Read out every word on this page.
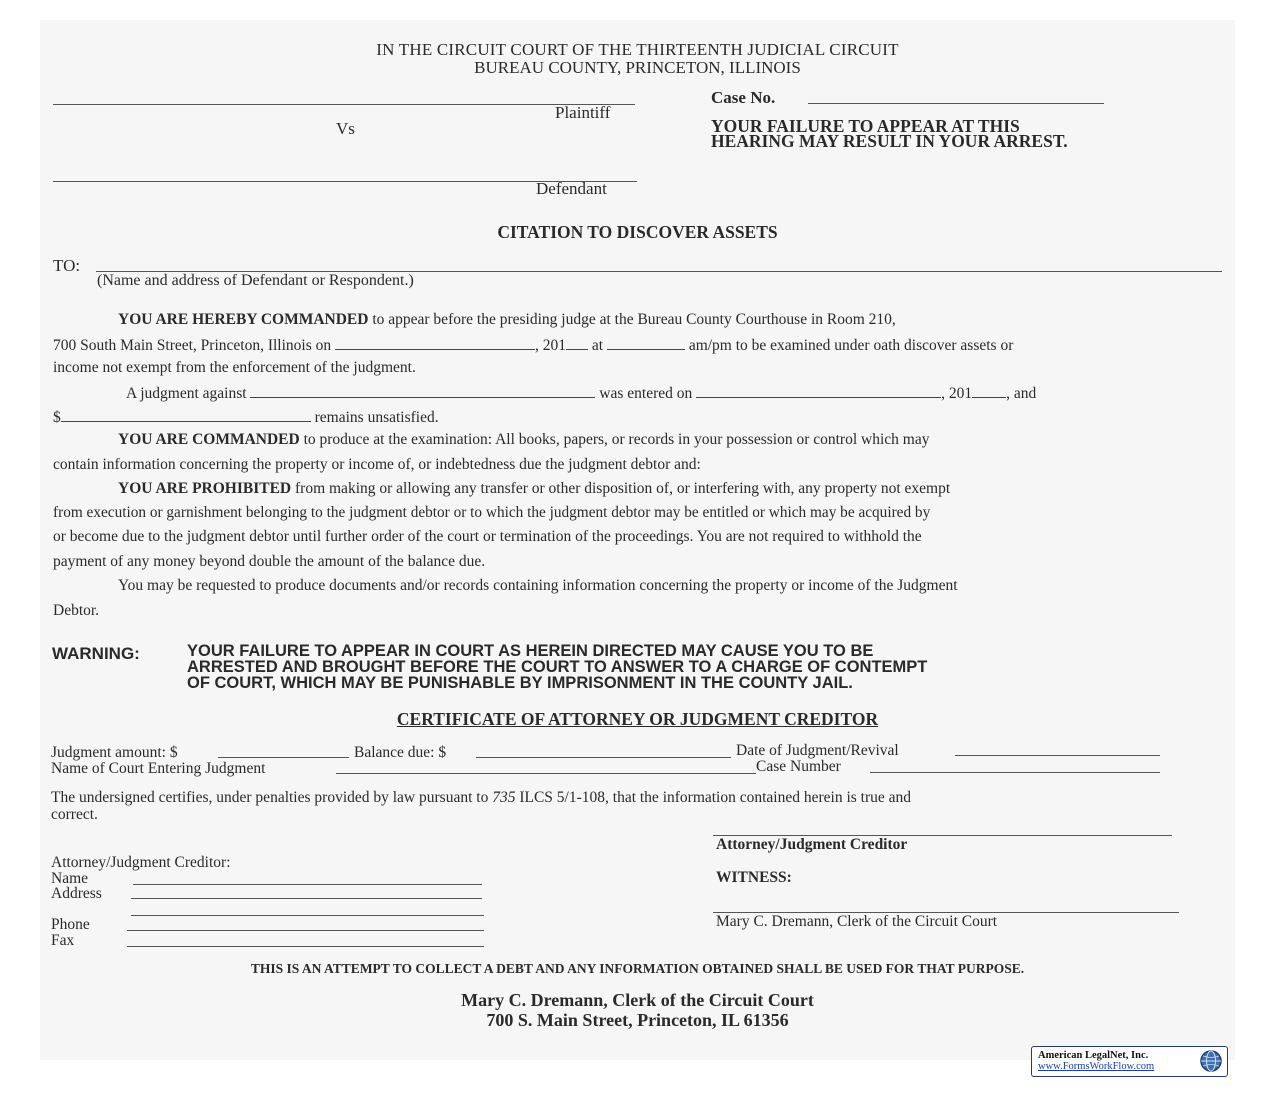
IN THE CIRCUIT COURT OF THE THIRTEENTH JUDICIAL CIRCUIT
BUREAU COUNTY, PRINCETON, ILLINOIS
Plaintiff
Vs
Defendant
Case No.
YOUR FAILURE TO APPEAR AT THIS
HEARING MAY RESULT IN YOUR ARREST.
CITATION TO DISCOVER ASSETS
TO:
(Name and address of Defendant or Respondent.)
YOU ARE HEREBY COMMANDED to appear before the presiding judge at the Bureau County Courthouse in Room 210,
700 South Main Street, Princeton, Illinois on	, 201 at	am/pm to be examined under oath discover assets or
income not exempt from the enforcement of the judgment.
A judgment against	was entered on	, 201 , and
$	remains unsatisfied.
YOU ARE COMMANDED to produce at the examination: All books, papers, or records in your possession or control which may
contain information concerning the property or income of, or indebtedness due the judgment debtor and:
YOU ARE PROHIBITED from making or allowing any transfer or other disposition of, or interfering with, any property not exempt
from execution or garnishment belonging to the judgment debtor or to which the judgment debtor may be entitled or which may be acquired by
or become due to the judgment debtor until further order of the court or termination of the proceedings. You are not required to withhold the
payment of any money beyond double the amount of the balance due.
You may be requested to produce documents and/or records containing information concerning the property or income of the Judgment
Debtor.
WARNING:	YOUR FAILURE TO APPEAR IN COURT AS HEREIN DIRECTED MAY CAUSE YOU TO BE
ARRESTED AND BROUGHT BEFORE THE COURT TO ANSWER TO A CHARGE OF CONTEMPT
OF COURT, WHICH MAY BE PUNISHABLE BY IMPRISONMENT IN THE COUNTY JAIL.
CERTIFICATE OF ATTORNEY OR JUDGMENT CREDITOR
Judgment amount: $	Balance due: $	Date of Judgment/Revival
Name of Court Entering Judgment	Case Number
The undersigned certifies, under penalties provided by law pursuant to 735 ILCS 5/1-108, that the information contained herein is true and
correct.
Attorney/Judgment Creditor
WITNESS:
Mary C. Dremann, Clerk of the Circuit Court
Attorney/Judgment Creditor:
Name
Address
Phone
Fax
THIS IS AN ATTEMPT TO COLLECT A DEBT AND ANY INFORMATION OBTAINED SHALL BE USED FOR THAT PURPOSE.
Mary C. Dremann, Clerk of the Circuit Court
700 S. Main Street, Princeton, IL 61356
American LegalNet, Inc.
www.FormsWorkFlow.com
